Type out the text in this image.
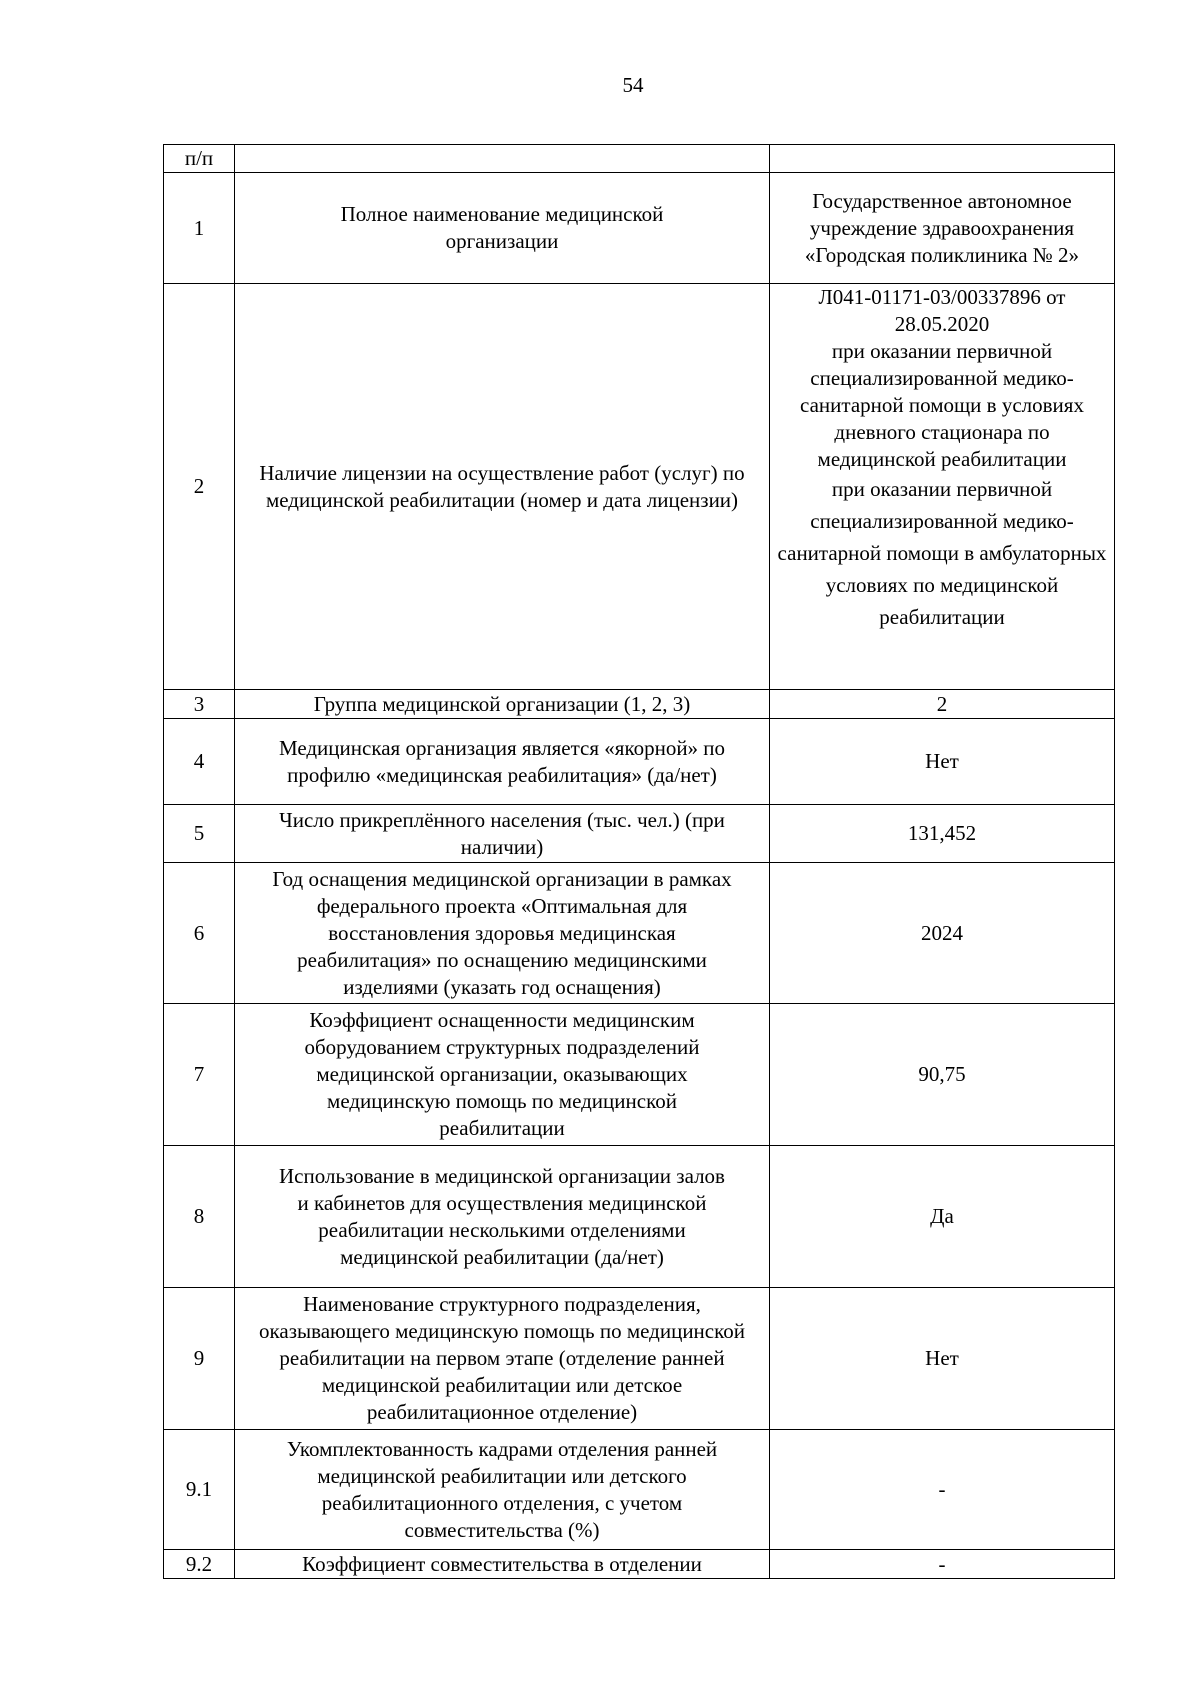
54
п/п		
1	Полное наименование медицинской организации	Государственное автономное учреждение здравоохранения «Городская поликлиника № 2»
2	Наличие лицензии на осуществление работ (услуг) по медицинской реабилитации (номер и дата лицензии)	Л041-01171-03/00337896 от 28.05.2020
при оказании первичной специализированной медико-санитарной помощи в условиях дневного стационара по медицинской реабилитации
при оказании первичной специализированной медико-санитарной помощи в амбулаторных условиях по медицинской реабилитации

3	Группа медицинской организации (1, 2, 3)	2
4	Медицинская организация является «якорной» по профилю «медицинская реабилитация» (да/нет)	Нет
5	Число прикреплённого населения (тыс. чел.) (при наличии)	131,452
6	Год оснащения медицинской организации в рамках федерального проекта «Оптимальная для восстановления здоровья медицинская реабилитация» по оснащению медицинскими изделиями (указать год оснащения)	2024
7	Коэффициент оснащенности медицинским оборудованием структурных подразделений медицинской организации, оказывающих медицинскую помощь по медицинской реабилитации	90,75
8	Использование в медицинской организации залов и кабинетов для осуществления медицинской реабилитации несколькими отделениями медицинской реабилитации (да/нет)	Да
9	Наименование структурного подразделения, оказывающего медицинскую помощь по медицинской реабилитации на первом этапе (отделение ранней медицинской реабилитации или детское реабилитационное отделение)	Нет
9.1	Укомплектованность кадрами отделения ранней медицинской реабилитации или детского реабилитационного отделения, с учетом совместительства (%)	-
9.2	Коэффициент совместительства в отделении	-
